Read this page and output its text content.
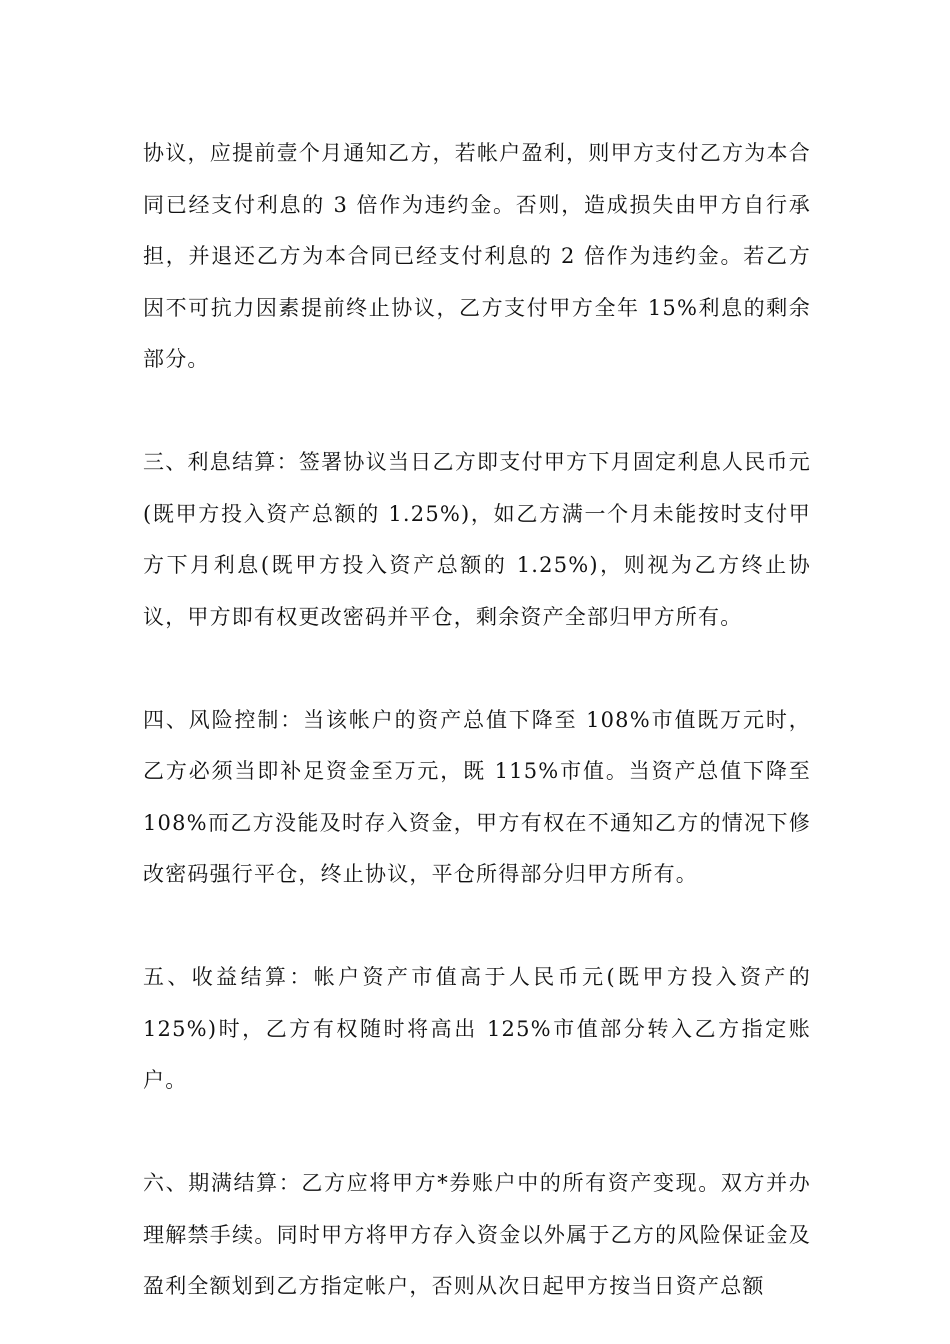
协议，应提前壹个月通知乙方，若帐户盈利，则甲方支付乙方为本合同已经支付利息的 3 倍作为违约金。否则，造成损失由甲方自行承担，并退还乙方为本合同已经支付利息的 2 倍作为违约金。若乙方因不可抗力因素提前终止协议，乙方支付甲方全年 15%利息的剩余部分。

三、利息结算：签署协议当日乙方即支付甲方下月固定利息人民币元(既甲方投入资产总额的 1.25%)，如乙方满一个月未能按时支付甲方下月利息(既甲方投入资产总额的 1.25%)，则视为乙方终止协议，甲方即有权更改密码并平仓，剩余资产全部归甲方所有。

四、风险控制：当该帐户的资产总值下降至 108%市值既万元时，乙方必须当即补足资金至万元，既 115%市值。当资产总值下降至 108%而乙方没能及时存入资金，甲方有权在不通知乙方的情况下修改密码强行平仓，终止协议，平仓所得部分归甲方所有。

五、收益结算：帐户资产市值高于人民币元(既甲方投入资产的125%)时，乙方有权随时将高出 125%市值部分转入乙方指定账户。

六、期满结算：乙方应将甲方*券账户中的所有资产变现。双方并办理解禁手续。同时甲方将甲方存入资金以外属于乙方的风险保证金及盈利全额划到乙方指定帐户，否则从次日起甲方按当日资产总额
